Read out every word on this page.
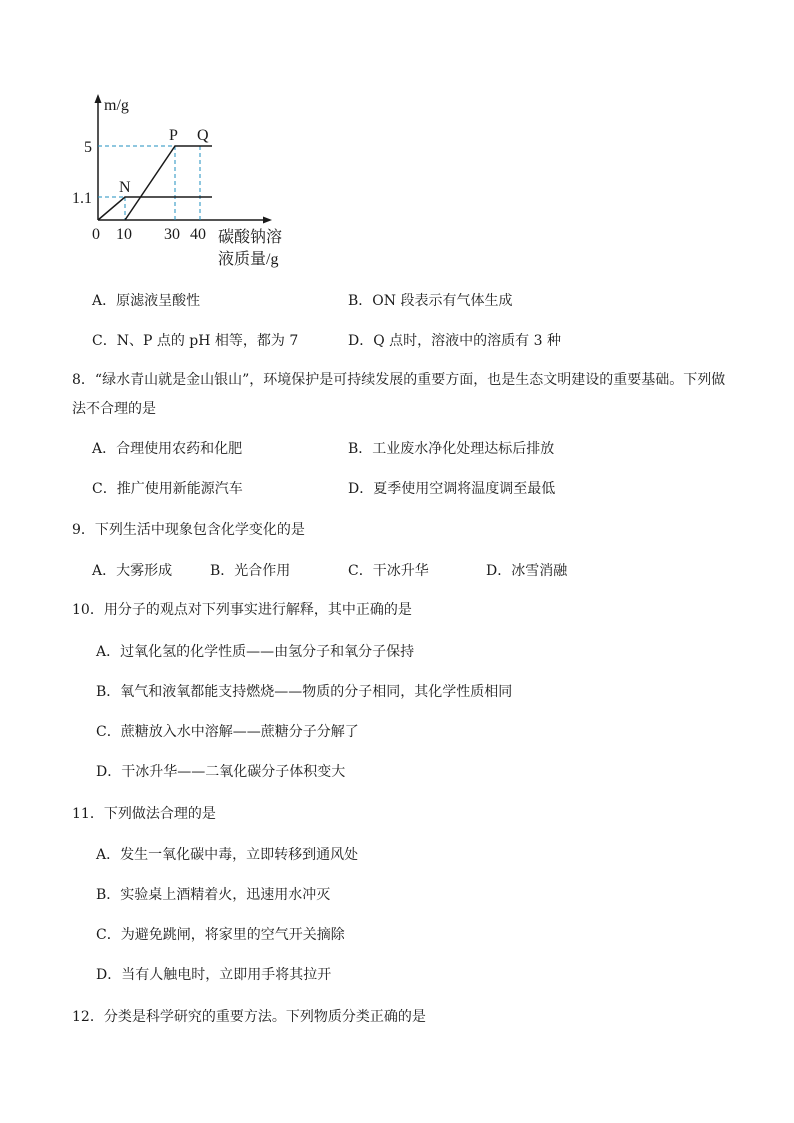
m/g
5
1.1
N
P Q
0 10 30 40 碳酸钠溶
液质量/g
A．原滤液呈酸性	B．ON 段表示有气体生成
C．N、P 点的 pH 相等，都为 7	D．Q 点时，溶液中的溶质有 3 种
8．“绿水青山就是金山银山”，环境保护是可持续发展的重要方面，也是生态文明建设的重要基础。下列做法不合理的是
A．合理使用农药和化肥	B．工业废水净化处理达标后排放
C．推广使用新能源汽车	D．夏季使用空调将温度调至最低
9．下列生活中现象包含化学变化的是
A．大雾形成	B．光合作用	C．干冰升华	D．冰雪消融
10．用分子的观点对下列事实进行解释，其中正确的是
A．过氧化氢的化学性质——由氢分子和氧分子保持
B．氧气和液氧都能支持燃烧——物质的分子相同，其化学性质相同
C．蔗糖放入水中溶解——蔗糖分子分解了
D．干冰升华——二氧化碳分子体积变大
11．下列做法合理的是
A．发生一氧化碳中毒，立即转移到通风处
B．实验桌上酒精着火，迅速用水冲灭
C．为避免跳闸，将家里的空气开关摘除
D．当有人触电时，立即用手将其拉开
12．分类是科学研究的重要方法。下列物质分类正确的是
